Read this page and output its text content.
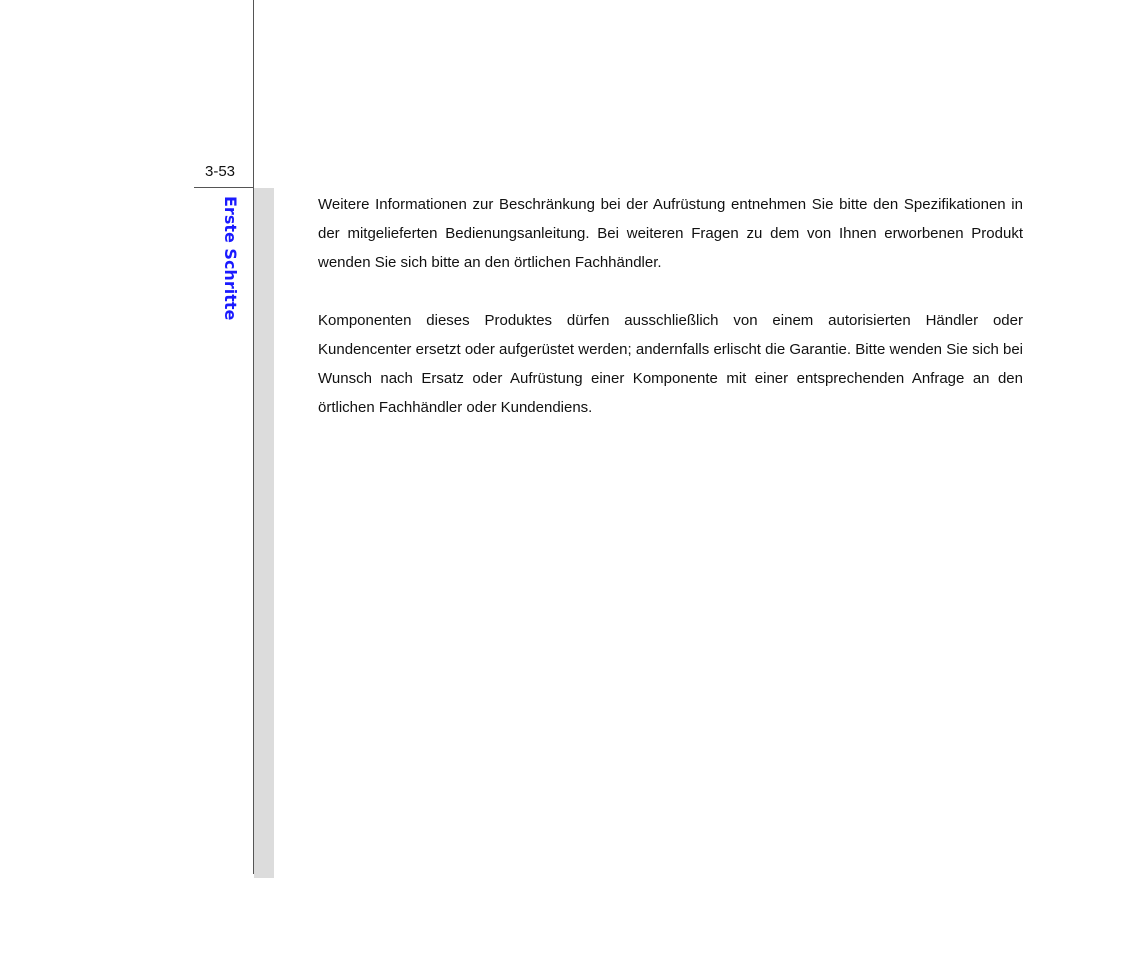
3-53
Erste Schritte	Weitere Informationen zur Beschränkung bei der Aufrüstung entnehmen Sie bitte den Spezifikationen in der mitgelieferten Bedienungsanleitung. Bei weiteren Fragen zu dem von Ihnen erworbenen Produkt wenden Sie sich bitte an den örtlichen Fachhändler.

Komponenten dieses Produktes dürfen ausschließlich von einem autorisierten Händler oder Kundencenter ersetzt oder aufgerüstet werden; andernfalls erlischt die Garantie. Bitte wenden Sie sich bei Wunsch nach Ersatz oder Aufrüstung einer Komponente mit einer entsprechenden Anfrage an den örtlichen Fachhändler oder Kundendiens.
